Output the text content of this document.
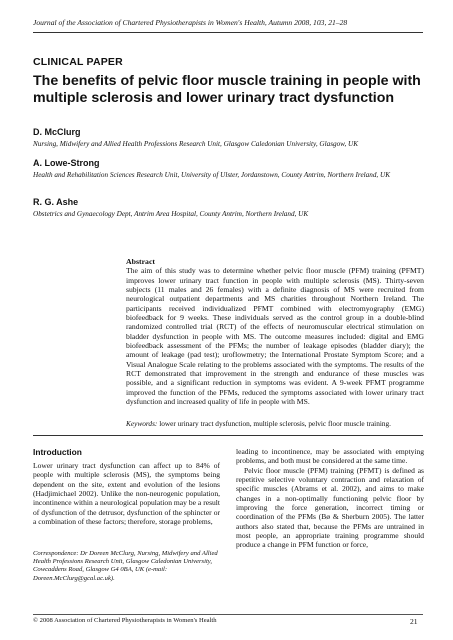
Journal of the Association of Chartered Physiotherapists in Women's Health, Autumn 2008, 103, 21–28
CLINICAL PAPER
The benefits of pelvic floor muscle training in people with multiple sclerosis and lower urinary tract dysfunction
D. McClurg
Nursing, Midwifery and Allied Health Professions Research Unit, Glasgow Caledonian University, Glasgow, UK
A. Lowe-Strong
Health and Rehabilitation Sciences Research Unit, University of Ulster, Jordanstown, County Antrim, Northern Ireland, UK
R. G. Ashe
Obstetrics and Gynaecology Dept, Antrim Area Hospital, County Antrim, Northern Ireland, UK
Abstract
The aim of this study was to determine whether pelvic floor muscle (PFM) training (PFMT) improves lower urinary tract function in people with multiple sclerosis (MS). Thirty-seven subjects (11 males and 26 females) with a definite diagnosis of MS were recruited from neurological outpatient departments and MS charities throughout Northern Ireland. The participants received individualized PFMT combined with electromyography (EMG) biofeedback for 9 weeks. These individuals served as the control group in a double-blind randomized controlled trial (RCT) of the effects of neuromuscular electrical stimulation on bladder dysfunction in people with MS. The outcome measures included: digital and EMG biofeedback assessment of the PFMs; the number of leakage episodes (bladder diary); the amount of leakage (pad test); uroflowmetry; the International Prostate Symptom Score; and a Visual Analogue Scale relating to the problems associated with the symptoms. The results of the RCT demonstrated that improvement in the strength and endurance of these muscles was possible, and a significant reduction in symptoms was evident. A 9-week PFMT programme improved the function of the PFMs, reduced the symptoms associated with lower urinary tract dysfunction and increased quality of life in people with MS.
Keywords: lower urinary tract dysfunction, multiple sclerosis, pelvic floor muscle training.
Introduction
Lower urinary tract dysfunction can affect up to 84% of people with multiple sclerosis (MS), the symptoms being dependent on the site, extent and evolution of the lesions (Hadjimichael 2002). Unlike the non-neurogenic population, incontinence within a neurological population may be a result of dysfunction of the detrusor, dysfunction of the sphincter or a combination of these factors; therefore, storage problems,
Correspondence: Dr Doreen McClurg, Nursing, Midwifery and Allied Health Professions Research Unit, Glasgow Caledonian University, Cowcaddens Road, Glasgow G4 0BA, UK (e-mail: Doreen.McClurg@gcal.ac.uk).

leading to incontinence, may be associated with emptying problems, and both must be considered at the same time.

Pelvic floor muscle (PFM) training (PFMT) is defined as repetitive selective voluntary contraction and relaxation of specific muscles (Abrams et al. 2002), and aims to make changes in a non-optimally functioning pelvic floor by improving the force generation, incorrect timing or coordination of the PFMs (Bø & Sherburn 2005). The latter authors also stated that, because the PFMs are untrained in most people, an appropriate training programme should produce a change in PFM function or force,

© 2008 Association of Chartered Physiotherapists in Women's Health	21
